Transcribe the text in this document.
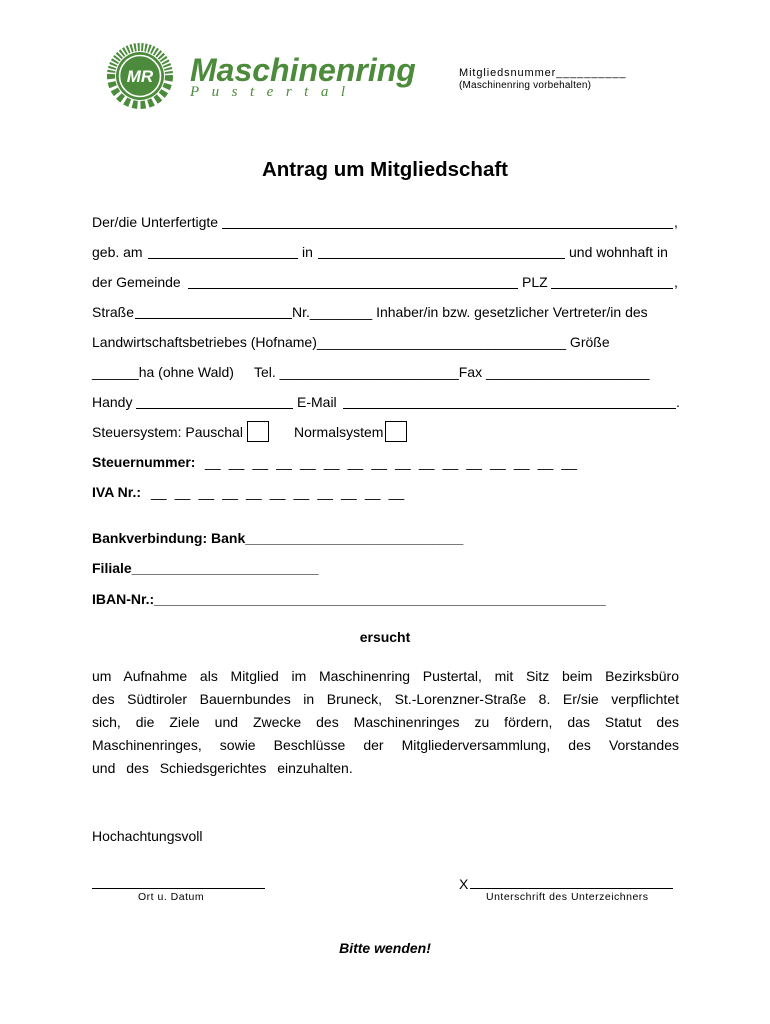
MR Maschinenring
Pustertal
Mitgliedsnummer__________
(Maschinenring vorbehalten)
Antrag um Mitgliedschaft
Der/die Unterfertigte	,
geb. am	in	und wohnhaft in
der Gemeinde	PLZ	,
Straße	Nr.________ Inhaber/in bzw. gesetzlicher Vertreter/in des
Landwirtschaftsbetriebes (Hofname)________________________________ Größe
______ha (ohne Wald) Tel. _______________________Fax _____________________
Handy	E-Mail	.
Steuersystem: Pauschal	Normalsystem
Steuernummer: __ __ __ __ __ __ __ __ __ __ __ __ __ __ __ __
IVA Nr.: __ __ __ __ __ __ __ __ __ __ __
Bankverbindung: Bank____________________________
Filiale________________________
IBAN-Nr.:__________________________________________________________
ersucht
um Aufnahme als Mitglied im Maschinenring Pustertal, mit Sitz beim Bezirksbüro
des Südtiroler Bauernbundes in Bruneck, St.-Lorenzner-Straße 8. Er/sie verpflichtet
sich, die Ziele und Zwecke des Maschinenringes zu fördern, das Statut des
Maschinenringes, sowie Beschlüsse der Mitgliederversammlung, des Vorstandes
und des Schiedsgerichtes einzuhalten.
Hochachtungsvoll
Ort u. Datum
X
Unterschrift des Unterzeichners
Bitte wenden!
